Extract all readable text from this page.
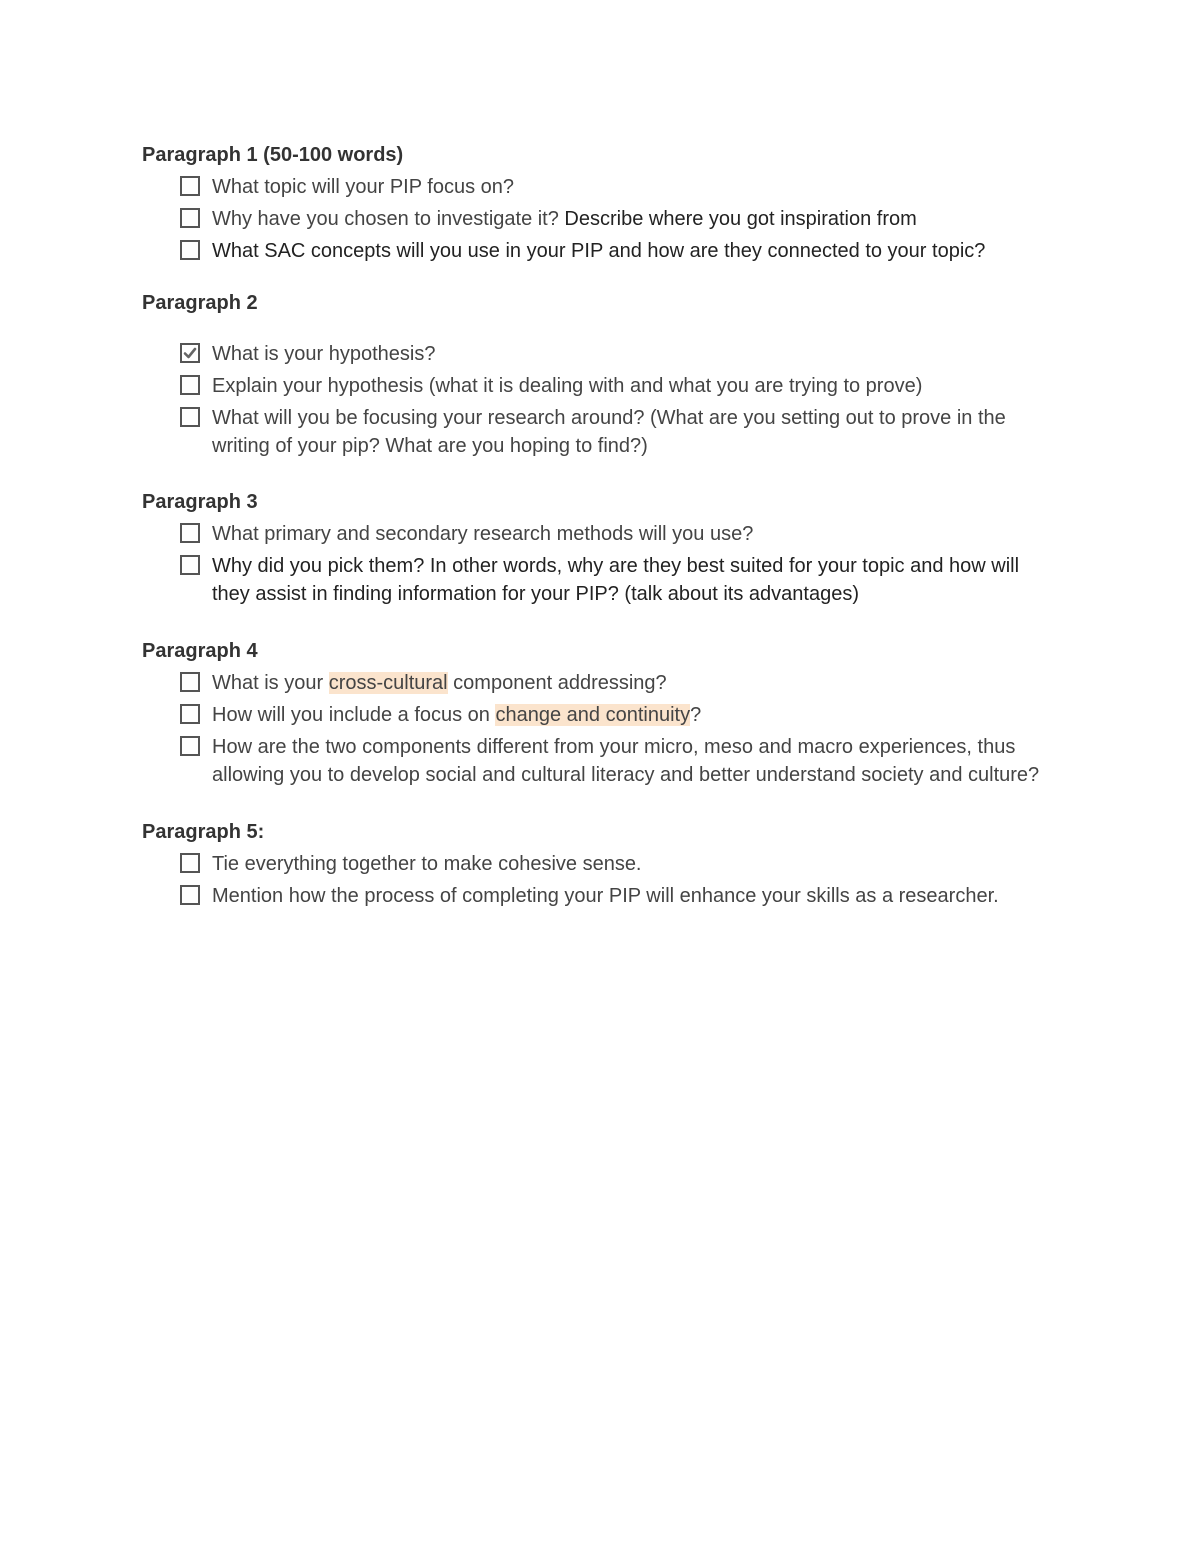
Paragraph 1 (50-100 words)
What topic will your PIP focus on?
Why have you chosen to investigate it? Describe where you got inspiration from
What SAC concepts will you use in your PIP and how are they connected to your topic?
Paragraph 2
What is your hypothesis?
Explain your hypothesis (what it is dealing with and what you are trying to prove)
What will you be focusing your research around? (What are you setting out to prove in the writing of your pip? What are you hoping to find?)
Paragraph 3
What primary and secondary research methods will you use?
Why did you pick them? In other words, why are they best suited for your topic and how will they assist in finding information for your PIP? (talk about its advantages)
Paragraph 4
What is your cross-cultural component addressing?
How will you include a focus on change and continuity?
How are the two components different from your micro, meso and macro experiences, thus allowing you to develop social and cultural literacy and better understand society and culture?
Paragraph 5:
Tie everything together to make cohesive sense.
Mention how the process of completing your PIP will enhance your skills as a researcher.
